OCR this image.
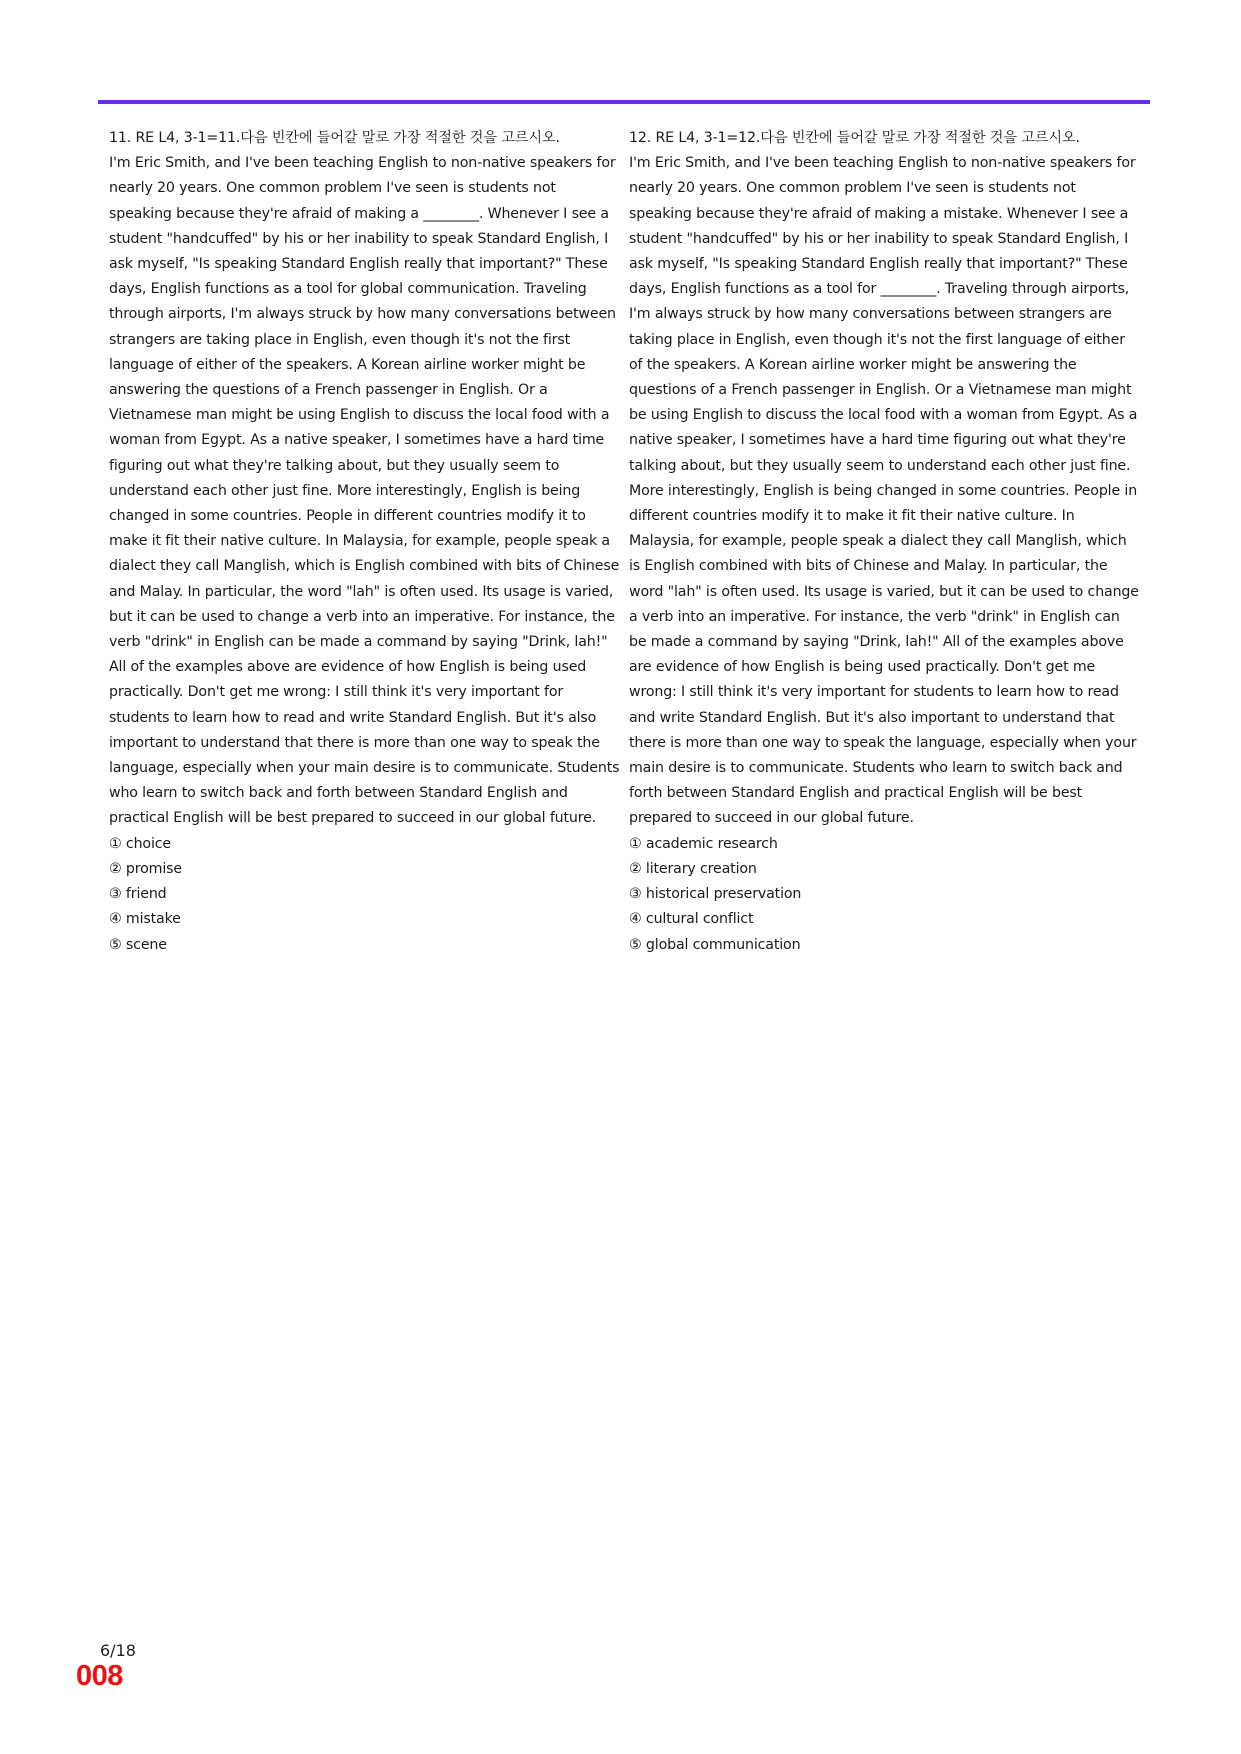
11. RE L4, 3-1=11.다음 빈칸에 들어갈 말로 가장 적절한 것을 고르시오.

I'm Eric Smith, and I've been teaching English to non-native speakers for nearly 20 years. One common problem I've seen is students not speaking because they're afraid of making a ________. Whenever I see a student "handcuffed" by his or her inability to speak Standard English, I ask myself, "Is speaking Standard English really that important?" These days, English functions as a tool for global communication. Traveling through airports, I'm always struck by how many conversations between strangers are taking place in English, even though it's not the first language of either of the speakers. A Korean airline worker might be answering the questions of a French passenger in English. Or a Vietnamese man might be using English to discuss the local food with a woman from Egypt. As a native speaker, I sometimes have a hard time figuring out what they're talking about, but they usually seem to understand each other just fine. More interestingly, English is being changed in some countries. People in different countries modify it to make it fit their native culture. In Malaysia, for example, people speak a dialect they call Manglish, which is English combined with bits of Chinese and Malay. In particular, the word "lah" is often used. Its usage is varied, but it can be used to change a verb into an imperative. For instance, the verb "drink" in English can be made a command by saying "Drink, lah!" All of the examples above are evidence of how English is being used practically. Don't get me wrong: I still think it's very important for students to learn how to read and write Standard English. But it's also important to understand that there is more than one way to speak the language, especially when your main desire is to communicate. Students who learn to switch back and forth between Standard English and practical English will be best prepared to succeed in our global future.

① choice
② promise
③ friend
④ mistake
⑤ scene

12. RE L4, 3-1=12.다음 빈칸에 들어갈 말로 가장 적절한 것을 고르시오.

I'm Eric Smith, and I've been teaching English to non-native speakers for nearly 20 years. One common problem I've seen is students not speaking because they're afraid of making a mistake. Whenever I see a student "handcuffed" by his or her inability to speak Standard English, I ask myself, "Is speaking Standard English really that important?" These days, English functions as a tool for ________. Traveling through airports, I'm always struck by how many conversations between strangers are taking place in English, even though it's not the first language of either of the speakers. A Korean airline worker might be answering the questions of a French passenger in English. Or a Vietnamese man might be using English to discuss the local food with a woman from Egypt. As a native speaker, I sometimes have a hard time figuring out what they're talking about, but they usually seem to understand each other just fine. More interestingly, English is being changed in some countries. People in different countries modify it to make it fit their native culture. In Malaysia, for example, people speak a dialect they call Manglish, which is English combined with bits of Chinese and Malay. In particular, the word "lah" is often used. Its usage is varied, but it can be used to change a verb into an imperative. For instance, the verb "drink" in English can be made a command by saying "Drink, lah!" All of the examples above are evidence of how English is being used practically. Don't get me wrong: I still think it's very important for students to learn how to read and write Standard English. But it's also important to understand that there is more than one way to speak the language, especially when your main desire is to communicate. Students who learn to switch back and forth between Standard English and practical English will be best prepared to succeed in our global future.

① academic research
② literary creation
③ historical preservation
④ cultural conflict
⑤ global communication
6/18
008
